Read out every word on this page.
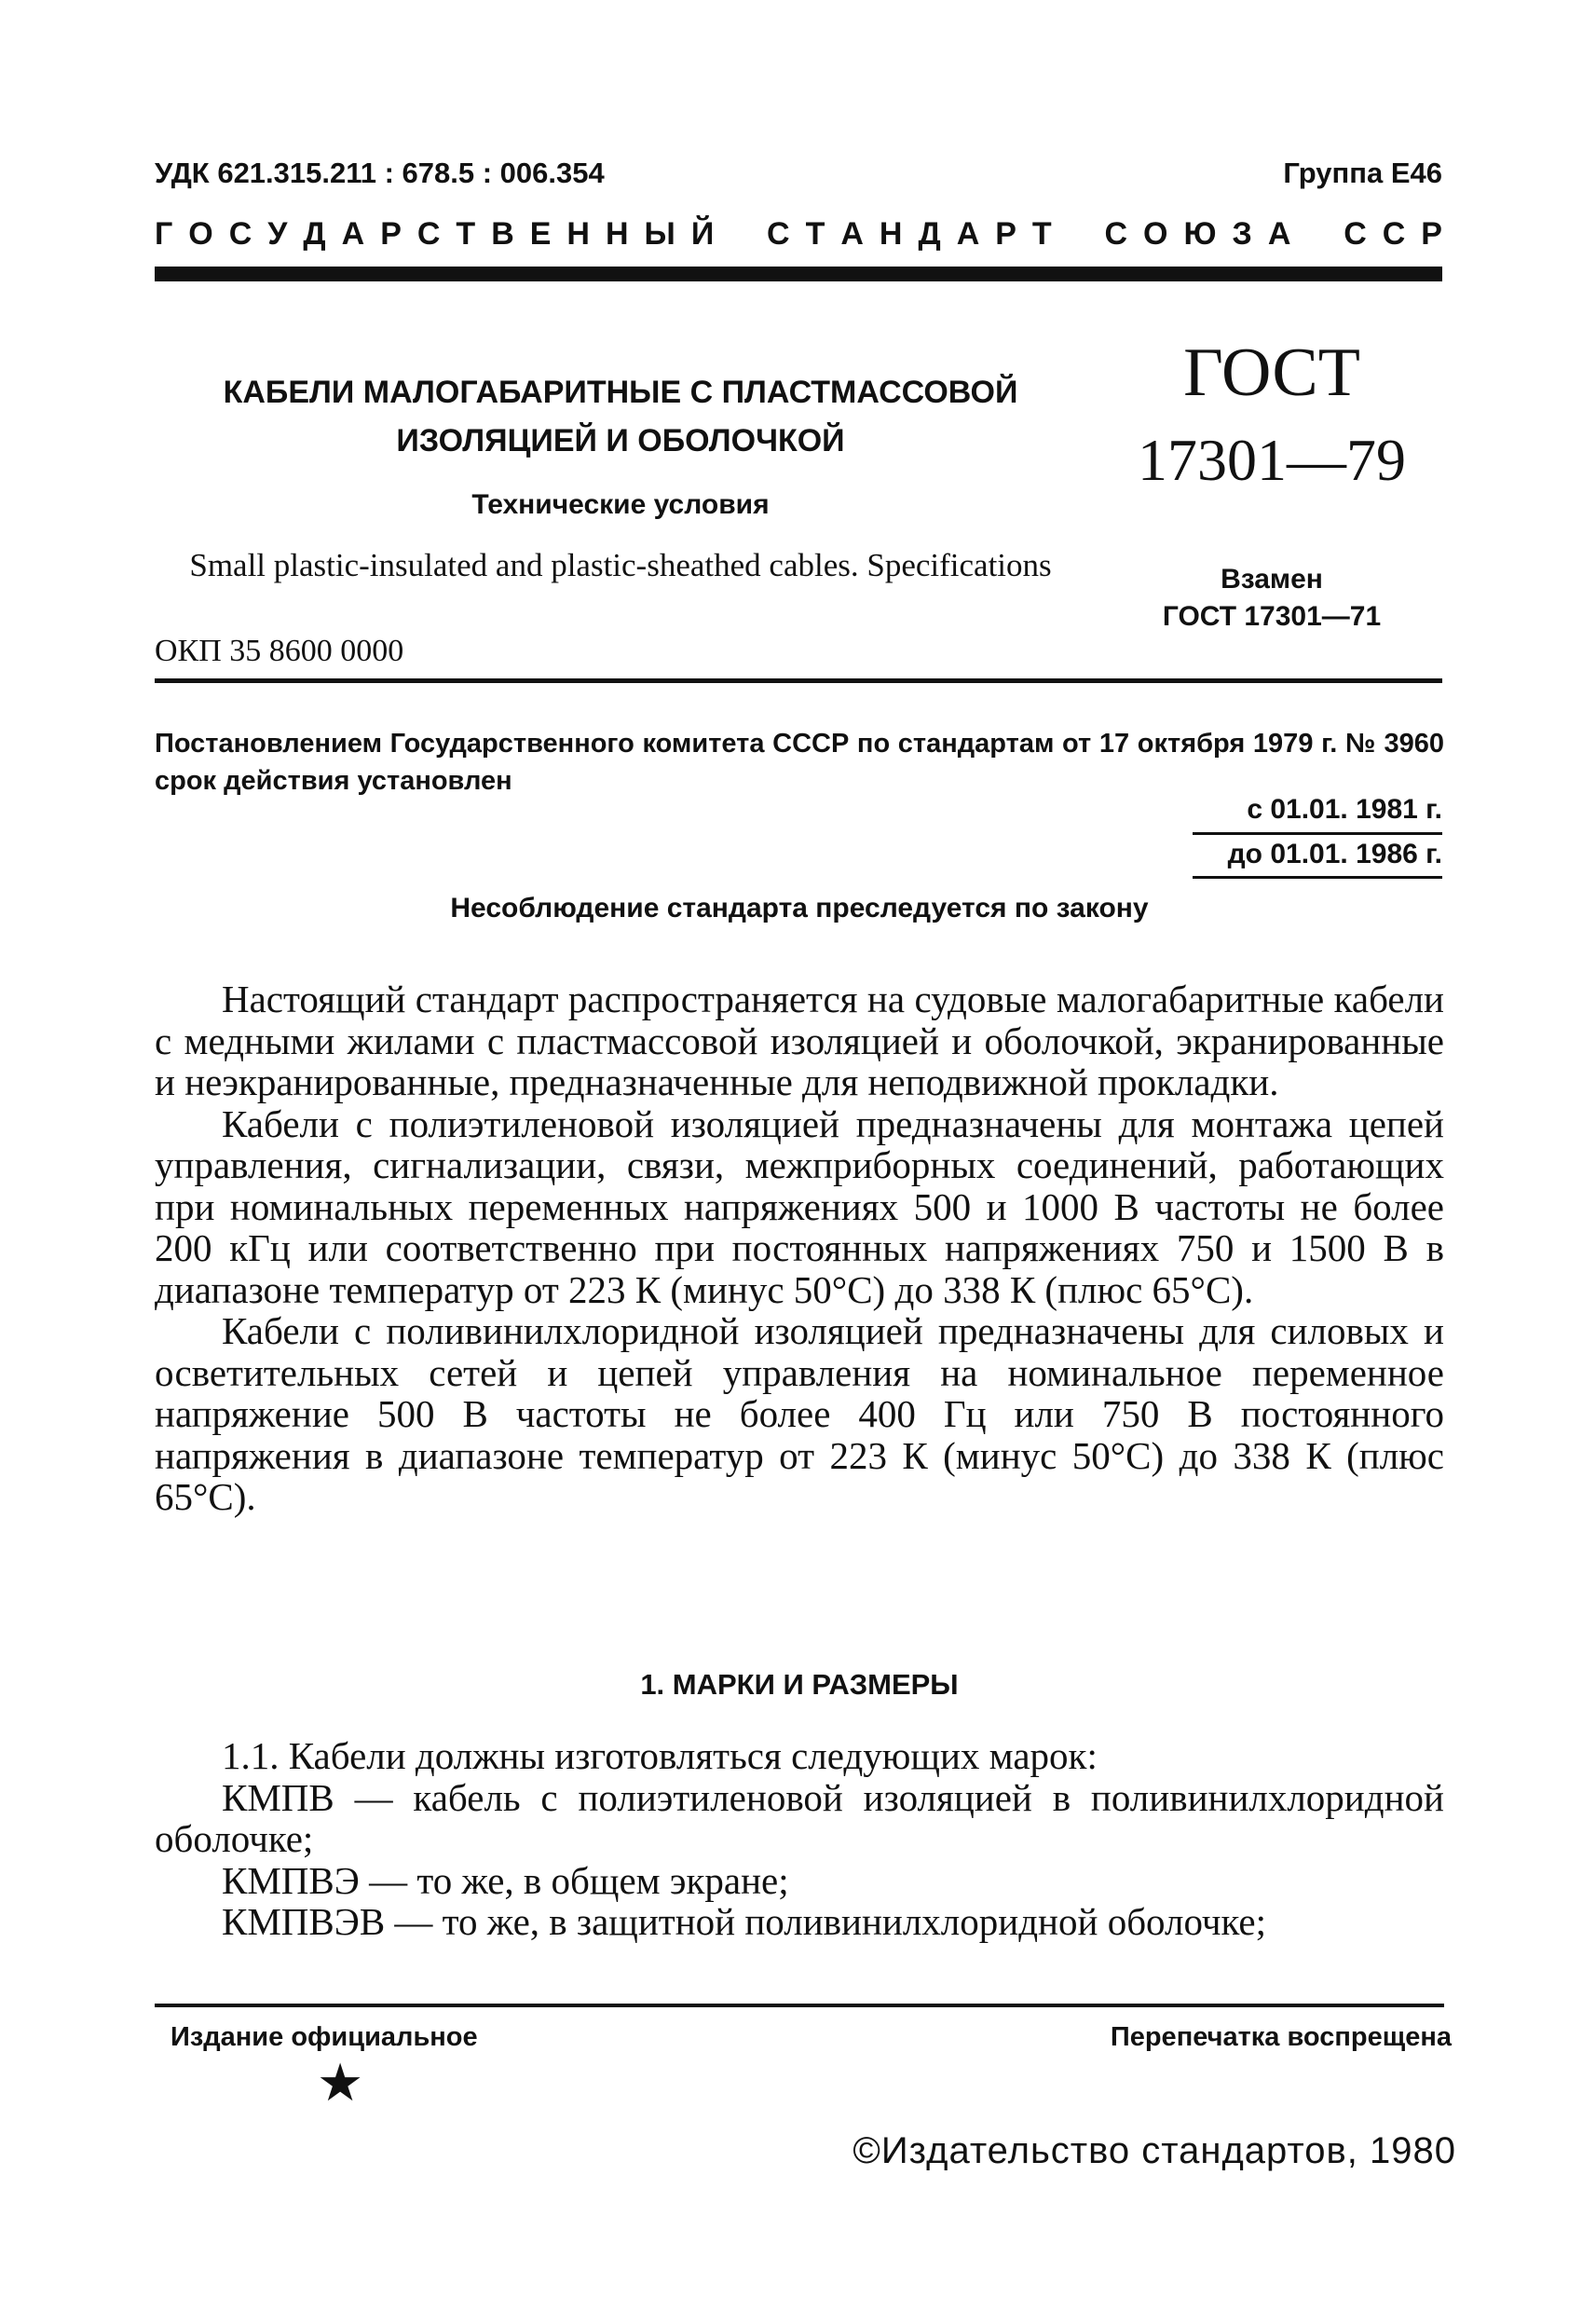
УДК 621.315.211 : 678.5 : 006.354	Группа Е46
Г О С У Д А Р С Т В Е Н Н Ы Й С Т А Н Д А Р Т С О Ю З А С С Р
КАБЕЛИ МАЛОГАБАРИТНЫЕ С ПЛАСТМАССОВОЙ
ИЗОЛЯЦИЕЙ И ОБОЛОЧКОЙ
Технические условия
Small plastic-insulated and plastic-sheathed cables. Specifications
ГОСТ
17301—79
Взамен
ГОСТ 17301—71
ОКП 35 8600 0000
Постановлением Государственного комитета СССР по стандартам от 17 октября 1979 г. № 3960 срок действия установлен
с 01.01. 1981 г.
до 01.01. 1986 г.
Несоблюдение стандарта преследуется по закону

Настоящий стандарт распространяется на судовые малогабаритные кабели с медными жилами с пластмассовой изоляцией и оболочкой, экранированные и неэкранированные, предназначенные для неподвижной прокладки.

Кабели с полиэтиленовой изоляцией предназначены для монтажа цепей управления, сигнализации, связи, межприборных соединений, работающих при номинальных переменных напряжениях 500 и 1000 В частоты не более 200 кГц или соответственно при постоянных напряжениях 750 и 1500 В в диапазоне температур от 223 К (минус 50°С) до 338 К (плюс 65°С).

Кабели с поливинилхлоридной изоляцией предназначены для силовых и осветительных сетей и цепей управления на номинальное переменное напряжение 500 В частоты не более 400 Гц или 750 В постоянного напряжения в диапазоне температур от 223 К (минус 50°С) до 338 К (плюс 65°С).

1. МАРКИ И РАЗМЕРЫ

1.1. Кабели должны изготовляться следующих марок:

КМПВ — кабель с полиэтиленовой изоляцией в поливинилхлоридной оболочке;

КМПВЭ — то же, в общем экране;

КМПВЭВ — то же, в защитной поливинилхлоридной оболочке;

Издание официальное	Перепечатка воспрещена
★
©Издательство стандартов, 1980
